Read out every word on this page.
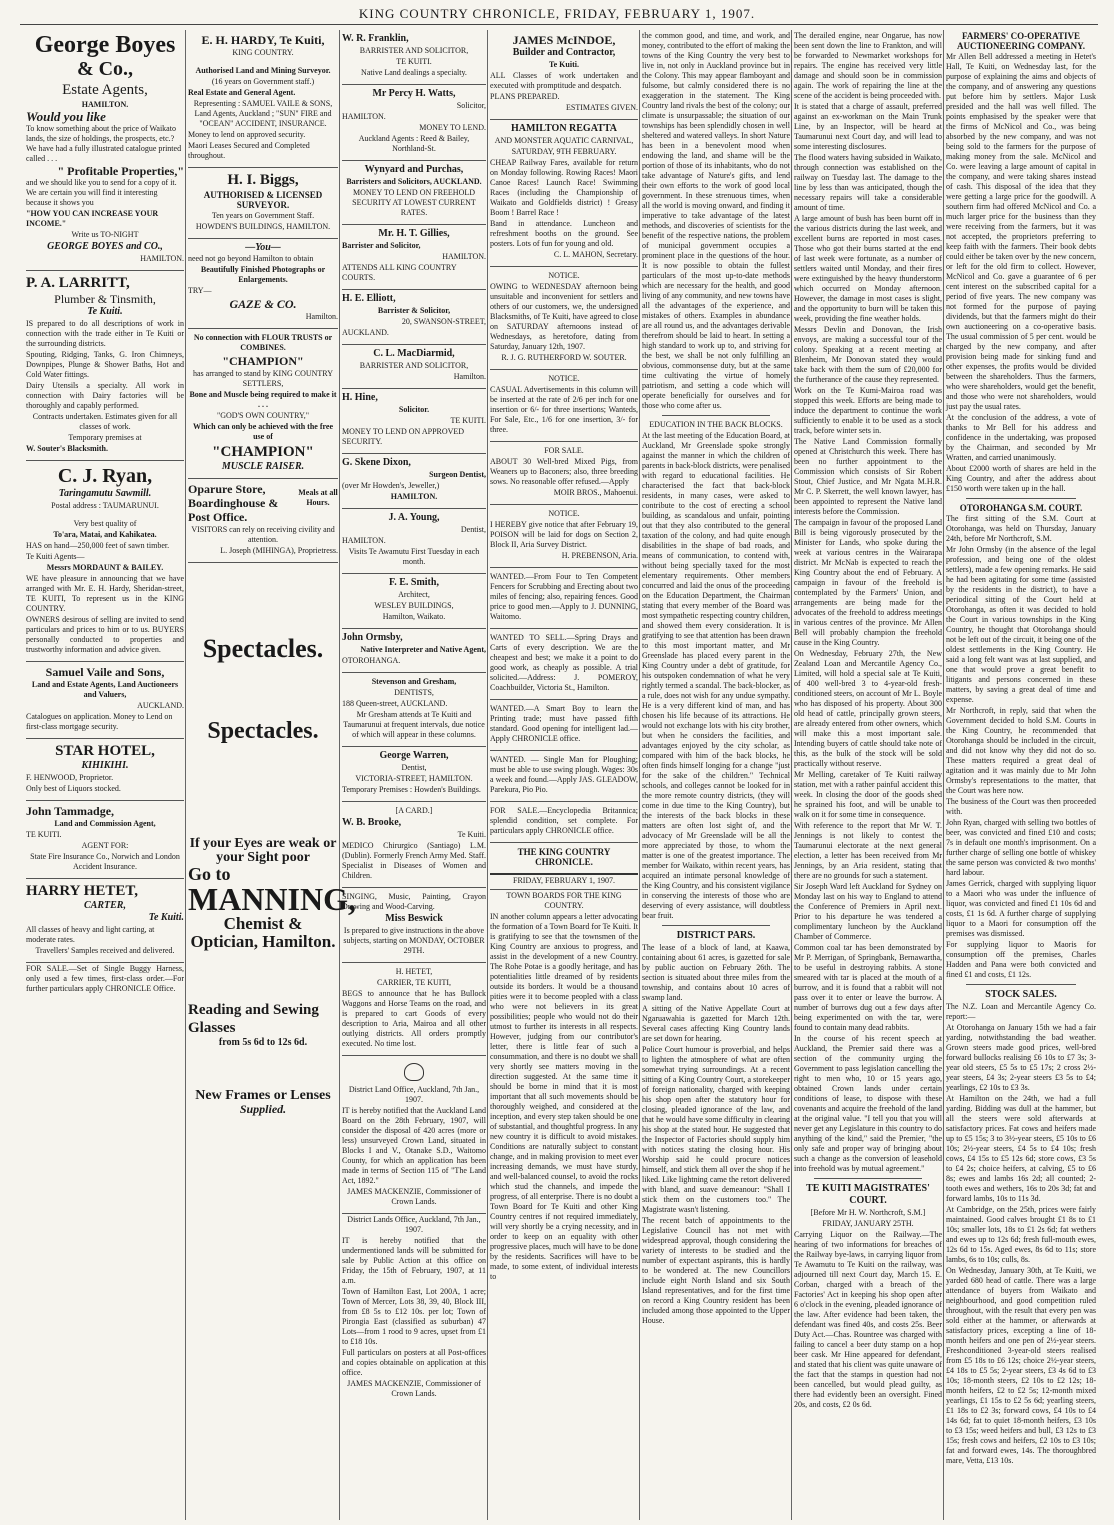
KING COUNTRY CHRONICLE, FRIDAY, FEBRUARY 1, 1907.
George Boyes
& Co.,
Estate Agents,
HAMILTON.
Would you like
To know something about the price of Waikato lands, the size of holdings, the prospects, etc.? We have had a fully illustrated catalogue printed called . . .
" Profitable Properties,"
and we should like you to send for a copy of it. We are certain you will find it interesting because it shows you
"HOW YOU CAN INCREASE YOUR INCOME."
Write us TO-NIGHT
GEORGE BOYES and CO.,
HAMILTON.
P. A. LARRITT,
Plumber & Tinsmith,
Te Kuiti.
IS prepared to do all descriptions of work in connection with the trade either in Te Kuiti or the surrounding districts.
Spouting, Ridging, Tanks, G. Iron Chimneys, Downpipes, Plunge & Shower Baths, Hot and Cold Water fittings.
Dairy Utensils a specialty. All work in connection with Dairy factories will be thoroughly and capably performed.
Contracts undertaken. Estimates given for all classes of work.
Temporary premises at
W. Souter's Blacksmith.
C. J. Ryan,
Taringamutu Sawmill.
Postal address : TAUMARUNUI.
Very best quality of
To'ara, Matai, and Kahikatea.
HAS on hand—250,000 feet of sawn timber.
Te Kuiti Agents—
Messrs MORDAUNT & BAILEY.
WE have pleasure in announcing that we have arranged with Mr. E. H. Hardy, Sheridan-street, TE KUITI, To represent us in the KING COUNTRY.
OWNERS desirous of selling are invited to send particulars and prices to him or to us. BUYERS personally conducted to properties and trustworthy information and advice given.
Samuel Vaile and Sons,
Land and Estate Agents, Land Auctioneers and Valuers,
AUCKLAND.
Catalogues on application. Money to Lend on first-class mortgage security.
STAR HOTEL,
KIHIKIHI.
F. HENWOOD, Proprietor.
Only best of Liquors stocked.
John Tammadge,
Land and Commission Agent,
TE KUITI.
AGENT FOR:
State Fire Insurance Co., Norwich and London Accident Insurance.
HARRY HETET,
CARTER,
Te Kuiti.
All classes of heavy and light carting, at moderate rates.
Travellers' Samples received and delivered.
FOR SALE.—Set of Single Buggy Harness, only used a few times, first-class order.—For further particulars apply CHRONICLE Office.
E. H. HARDY, Te Kuiti,
KING COUNTRY.
Authorised Land and Mining Surveyor.
(16 years on Government staff.)
Real Estate and General Agent.
Representing : SAMUEL VAILE & SONS, Land Agents, Auckland ; "SUN" FIRE and "OCEAN" ACCIDENT, INSURANCE.
Money to lend on approved security.
Maori Leases Secured and Completed throughout.
H. I. Biggs,
AUTHORISED & LICENSED SURVEYOR.
Ten years on Government Staff.
HOWDEN'S BUILDINGS, HAMILTON.
—You—
need not go beyond Hamilton to obtain
Beautifully Finished Photographs or Enlargements.
TRY—
GAZE & CO.
Hamilton.
No connection with FLOUR TRUSTS or COMBINES.
"CHAMPION"
has arranged to stand by KING COUNTRY SETTLERS,
Bone and Muscle being required to make it . . .
"GOD'S OWN COUNTRY,"
Which can only be achieved with the free use of
"CHAMPION"
MUSCLE RAISER.
Oparure Store, Boardinghouse & Post Office.
Meals at all Hours.
VISITORS can rely on receiving civility and attention.
L. Joseph (MIHINGA), Proprietress.
Spectacles.
Spectacles.
If your Eyes are weak or your Sight poor
Go to
MANNING,
Chemist & Optician, Hamilton.
Reading and Sewing Glasses
from 5s 6d to 12s 6d.
New Frames or Lenses
Supplied.
W. R. Franklin,
BARRISTER AND SOLICITOR,
TE KUITI.
Native Land dealings a specialty.
Mr Percy H. Watts,
Solicitor,
HAMILTON.
MONEY TO LEND.
Auckland Agents : Reed & Bailey, Northland-St.
Wynyard and Purchas,
Barristers and Solicitors, AUCKLAND.
MONEY TO LEND ON FREEHOLD SECURITY AT LOWEST CURRENT RATES.
Mr. H. T. Gillies,
Barrister and Solicitor,
HAMILTON.
ATTENDS ALL KING COUNTRY COURTS.
H. E. Elliott,
Barrister & Solicitor,
20, SWANSON-STREET,
AUCKLAND.
C. L. MacDiarmid,
BARRISTER AND SOLICITOR,
Hamilton.
H. Hine,
Solicitor.
TE KUITI.
MONEY TO LEND ON APPROVED SECURITY.
G. Skene Dixon,
Surgeon Dentist,
(over Mr Howden's, Jeweller,)
HAMILTON.
J. A. Young,
Dentist,
HAMILTON.
Visits Te Awamutu First Tuesday in each month.
F. E. Smith,
Architect,
WESLEY BUILDINGS,
Hamilton, Waikato.
John Ormsby,
Native Interpreter and Native Agent,
OTOROHANGA.
Stevenson and Gresham,
DENTISTS,
188 Queen-street, AUCKLAND.
Mr Gresham attends at Te Kuiti and Taumarunui at frequent intervals, due notice of which will appear in these columns.
George Warren,
Dentist,
VICTORIA-STREET, HAMILTON.
Temporary Premises : Howden's Buildings.
[A CARD.]
W. B. Brooke,
Te Kuiti.
MEDICO Chirurgico (Santiago) L.M. (Dublin). Formerly French Army Med. Staff. Specialist in Diseases of Women and Children.
SINGING, Music, Painting, Crayon Drawing and Wood-Carving.
Miss Beswick
Is prepared to give instructions in the above subjects, starting on MONDAY, OCTOBER 29TH.
H. HETET,
CARRIER, TE KUITI,
BEGS to announce that he has Bullock Waggons and Horse Teams on the road, and is prepared to cart Goods of every description to Aria, Mairoa and all other outlying districts. All orders promptly executed. No time lost.
District Land Office, Auckland, 7th Jan., 1907.
IT is hereby notified that the Auckland Land Board on the 28th February, 1907, will consider the disposal of 420 acres (more or less) unsurveyed Crown Land, situated in Blocks I and V., Otanake S.D., Waitomo County, for which an application has been made in terms of Section 115 of "The Land Act, 1892."
JAMES MACKENZIE, Commissioner of Crown Lands.
District Lands Office, Auckland, 7th Jan., 1907.
IT is hereby notified that the undermentioned lands will be submitted for sale by Public Action at this office on Friday, the 15th of February, 1907, at 11 a.m.
Town of Hamilton East, Lot 200A, 1 acre; Town of Mercer, Lots 38, 39, 40, Block III, from £8 5s to £12 10s. per lot; Town of Pirongia East (classified as suburban) 47 Lots—from 1 rood to 9 acres, upset from £1 to £18 10s.
Full particulars on posters at all Post-offices and copies obtainable on application at this office.
JAMES MACKENZIE, Commissioner of Crown Lands.
JAMES McINDOE,
Builder and Contractor,
Te Kuiti.
ALL Classes of work undertaken and executed with promptitude and despatch.
PLANS PREPARED.
ESTIMATES GIVEN.
HAMILTON REGATTA
AND MONSTER AQUATIC CARNIVAL,
SATURDAY, 9TH FEBRUARY.
CHEAP Railway Fares, available for return on Monday following. Rowing Races! Maori Canoe Races! Launch Race! Swimming Races (including the Championship of Waikato and Goldfields district) ! Greasy Boom ! Barrel Race !
Band in attendance. Luncheon and refreshment booths on the ground. See posters. Lots of fun for young and old.
C. L. MAHON, Secretary.
NOTICE.
OWING to WEDNESDAY afternoon being unsuitable and inconvenient for settlers and others of our customers, we, the undersigned Blacksmiths, of Te Kuiti, have agreed to close on SATURDAY afternoons instead of Wednesdays, as heretofore, dating from Saturday, January 12th, 1907.
R. J. G. RUTHERFORD W. SOUTER.
NOTICE.
CASUAL Advertisements in this column will be inserted at the rate of 2/6 per inch for one insertion or 6/- for three insertions; Wanteds, For Sale, Etc., 1/6 for one insertion, 3/- for three.
FOR SALE.
ABOUT 30 Well-bred Mixed Pigs, from Weaners up to Baconers; also, three breeding sows. No reasonable offer refused.—Apply
MOIR BROS., Mahoenui.
NOTICE.
I HEREBY give notice that after February 19, POISON will be laid for dogs on Section 2, Block II, Aria Survey District.
H. PREBENSON, Aria.
WANTED.—From Four to Ten Competent Fencers for Scrubbing and Erecting about two miles of fencing; also, repairing fences. Good price to good men.—Apply to J. DUNNING, Waitomo.
WANTED TO SELL.—Spring Drays and Carts of every description. We are the cheapest and best; we make it a point to do good work, as cheaply as possible. A trial solicited.—Address: J. POMEROY, Coachbuilder, Victoria St., Hamilton.
WANTED.—A Smart Boy to learn the Printing trade; must have passed fifth standard. Good opening for intelligent lad.—Apply CHRONICLE office.
WANTED. — Single Man for Ploughing; must be able to use swing plough. Wages: 30s a week and found.—Apply JAS. GLEADOW, Parekura, Pio Pio.
FOR SALE.—Encyclopedia Britannica; splendid condition, set complete. For particulars apply CHRONICLE office.
THE KING COUNTRY CHRONICLE.
FRIDAY, FEBRUARY 1, 1907.
TOWN BOARDS FOR THE KING COUNTRY.
IN another column appears a letter advocating the formation of a Town Board for Te Kuiti. It is gratifying to see that the townsmen of the King Country are anxious to progress, and assist in the development of a new Country. The Rohe Potae is a goodly heritage, and has potentialities little dreamed of by residents outside its borders. It would be a thousand pities were it to become peopled with a class who were not believers in its great possibilities; people who would not do their utmost to further its interests in all respects. However, judging from our contributor's letter, there is little fear of such a consummation, and there is no doubt we shall very shortly see matters moving in the direction suggested. At the same time it should be borne in mind that it is most important that all such movements should be thoroughly weighed, and considered at the inception, and every step taken should be one of substantial, and thoughtful progress. In any new country it is difficult to avoid mistakes. Conditions are naturally subject to constant change, and in making provision to meet ever increasing demands, we must have sturdy, and well-balanced counsel, to avoid the rocks which stud the channels, and impede the progress, of all enterprise. There is no doubt a Town Board for Te Kuiti and other King Country centres if not required immediately, will very shortly be a crying necessity, and in order to keep on an equality with other progressive places, much will have to be done by the residents. Sacrifices will have to be made, to some extent, of individual interests to
the common good, and time, and work, and money, contributed to the effort of making the towns of the King Country the very best to live in, not only in Auckland province but in the Colony. This may appear flamboyant and fulsome, but calmly considered there is no exaggeration in the statement. The King Country land rivals the best of the colony; our climate is unsurpassable; the situation of our townships has been splendidly chosen in well sheltered and watered valleys. In short Nature has been in a benevolent mood when endowing the land, and shame will be the portion of those of its inhabitants, who do not take advantage of Nature's gifts, and lend their own efforts to the work of good local government. In these strenuous times, when all the world is moving onward, and finding it imperative to take advantage of the latest methods, and discoveries of scientists for the benefit of the respective nations, the problem of municipal government occupies a prominent place in the questions of the hour. It is now possible to obtain the fullest particulars of the most up-to-date methods which are necessary for the health, and good living of any community, and new towns have all the advantages of the experience, and mistakes of others. Examples in abundance are all round us, and the advantages derivable therefrom should be laid to heart. In setting a high standard to work up to, and striving for the best, we shall be not only fulfilling an obvious, commonsense duty, but at the same time cultivating the virtue of homely patriotism, and setting a code which will operate beneficially for ourselves and for those who come after us.
EDUCATION IN THE BACK BLOCKS.
At the last meeting of the Education Board, at Auckland, Mr Greenslade spoke strongly against the manner in which the children of parents in back-block districts, were penalised with regard to educational facilities. He characterised the fact that back-block residents, in many cases, were asked to contribute to the cost of erecting a school building, as scandalous and unfair, pointing out that they also contributed to the general taxation of the colony, and had quite enough disabilities in the shape of bad roads, and means of communication, to contend with, without being specially taxed for the most elementary requirements. Other members concurred and laid the onus of the proceeding on the Education Department, the Chairman stating that every member of the Board was most sympathetic respecting country children, and showed them every consideration. It is gratifying to see that attention has been drawn to this most important matter, and Mr Greenslade has placed every parent in the King Country under a debt of gratitude, for his outspoken condemnation of what he very rightly termed a scandal. The back-blocker, as a rule, does not wish for any undue sympathy. He is a very different kind of man, and has chosen his life because of its attractions. He would not exchange lots with his city brother, but when he considers the facilities, and advantages enjoyed by the city scholar, as compared with him of the back blocks, he often finds himself longing for a change "just for the sake of the children." Technical schools, and colleges cannot be looked for in the more remote country districts, (they will come in due time to the King Country), but the interests of the back blocks in these matters are often lost sight of, and the advocacy of Mr Greenslade will be all the more appreciated by those, to whom the matter is one of the greatest importance. The member for Waikato, within recent years, has acquired an intimate personal knowledge of the King Country, and his consistent vigilance in conserving the interests of those who are deserving of every assistance, will doubtless bear fruit.
DISTRICT PARS.
The lease of a block of land, at Kaawa, containing about 61 acres, is gazetted for sale by public auction on February 26th. The section is situated about three miles from the township, and contains about 10 acres of swamp land.
A sitting of the Native Appellate Court at Ngaruawahia is gazetted for March 12th. Several cases affecting King Country lands are set down for hearing.
Police Court humour is proverbial, and helps to lighten the atmosphere of what are often somewhat trying surroundings. At a recent sitting of a King Country Court, a storekeeper of foreign nationality, charged with keeping his shop open after the statutory hour for closing, pleaded ignorance of the law, and that he would have some difficulty in clearing his shop at the stated hour. He suggested that the Inspector of Factories should supply him with notices stating the closing hour. His Worship said he could procure notices himself, and stick them all over the shop if he liked. Like lightning came the retort delivered with bland, and suave demeanour: "Shall I stick them on the customers too." The Magistrate wasn't listening.
The recent batch of appointments to the Legislative Council has not met with widespread approval, though considering the variety of interests to be studied and the number of expectant aspirants, this is hardly to be wondered at. The new Councillors include eight North Island and six South Island representatives, and for the first time on record a King Country resident has been included among those appointed to the Upper House.
The derailed engine, near Ongarue, has now been sent down the line to Frankton, and will be forwarded to Newmarket workshops for repairs. The engine has received very little damage and should soon be in commission again. The work of repairing the line at the scene of the accident is being proceeded with.
It is stated that a charge of assault, preferred against an ex-workman on the Main Trunk Line, by an Inspector, will be heard at Taumarunui next Court day, and will lead to some interesting disclosures.
The flood waters having subsided in Waikato, through connection was established on the railway on Tuesday last. The damage to the line by less than was anticipated, though the necessary repairs will take a considerable amount of time.
A large amount of bush has been burnt off in the various districts during the last week, and excellent burns are reported in most cases. Those who got their burns started at the end of last week were fortunate, as a number of settlers waited until Monday, and their fires were extinguished by the heavy thunderstorm which occurred on Monday afternoon. However, the damage in most cases is slight, and the opportunity to burn will be taken this week, providing the fine weather holds.
Messrs Devlin and Donovan, the Irish envoys, are making a successful tour of the colony. Speaking at a recent meeting at Blenheim, Mr Donovan stated they would take back with them the sum of £20,000 for the furtherance of the cause they represented.
Work on the Te Kumi-Mairoa road was stopped this week. Efforts are being made to induce the department to continue the work sufficiently to enable it to be used as a stock track, before winter sets in.
The Native Land Commission formally opened at Christchurch this week. There has been no further appointment to the Commission which consists of Sir Robert Stout, Chief Justice, and Mr Ngata M.H.R. Mr C. P. Skerrett, the well known lawyer, has been appointed to represent the Native land interests before the Commission.
The campaign in favour of the proposed Land Bill is being vigorously prosecuted by the Minister for Lands, who spoke during the week at various centres in the Wairarapa district. Mr McNab is expected to reach the King Country about the end of February. A campaign in favour of the freehold is contemplated by the Farmers' Union, and arrangements are being made for the advocates of the freehold to address meetings in various centres of the province. Mr Allen Bell will probably champion the freehold cause in the King Country.
On Wednesday, February 27th, the New Zealand Loan and Mercantile Agency Co., Limited, will hold a special sale at Te Kuiti, of 400 well-bred 3 to 4-year-old fresh-conditioned steers, on account of Mr L. Boyle who has disposed of his property. About 300 old head of cattle, principally grown steers, are already entered from other owners, which will make this a most important sale. Intending buyers of cattle should take note of this, as the bulk of the stock will be sold practically without reserve.
Mr Melling, caretaker of Te Kuiti railway station, met with a rather painful accident this week. In closing the door of the goods shed he sprained his foot, and will be unable to walk on it for some time in consequence.
With reference to the report that Mr W. T. Jennings is not likely to contest the Taumarunui electorate at the next general election, a letter has been received from Mr Jennings, by an Aria resident, stating that there are no grounds for such a statement.
Sir Joseph Ward left Auckland for Sydney on Monday last on his way to England to attend the Conference of Premiers in April next. Prior to his departure he was tendered a complimentary luncheon by the Auckland Chamber of Commerce.
Common coal tar has been demonstrated by Mr P. Merrigan, of Springbank, Bernawartha, to be useful in destroying rabbits. A stone smeared with tar is placed at the mouth of a burrow, and it is found that a rabbit will not pass over it to enter or leave the burrow. A number of burrows dug out a few days after being experimented on with the tar, were found to contain many dead rabbits.
In the course of his recent speech at Auckland, the Premier said there was a section of the community urging the Government to pass legislation cancelling the right to men who, 10 or 15 years ago, obtained Crown lands under certain conditions of lease, to dispose with these covenants and acquire the freehold of the land at the original value. "I tell you that you will never get any Legislature in this country to do anything of the kind," said the Premier, "the only safe and proper way of bringing about such a change as the conversion of leasehold into freehold was by mutual agreement."
TE KUITI MAGISTRATES' COURT.
[Before Mr H. W. Northcroft, S.M.]
FRIDAY, JANUARY 25TH.
Carrying Liquor on the Railway.—The hearing of two informations for breaches of the Railway bye-laws, in carrying liquor from Te Awamutu to Te Kuiti on the railway, was adjourned till next Court day, March 15. E. Corban, charged with a breach of the Factories' Act in keeping his shop open after 6 o'clock in the evening, pleaded ignorance of the law. After evidence had been taken, the defendant was fined 40s, and costs 25s. Beer Duty Act.—Chas. Rountree was charged with failing to cancel a beer duty stamp on a hop beer cask. Mr Hine appeared for defendant, and stated that his client was quite unaware of the fact that the stamps in question had not been cancelled, but would plead guilty, as there had evidently been an oversight. Fined 20s, and costs, £2 0s 6d.
FARMERS' CO-OPERATIVE AUCTIONEERING COMPANY.
Mr Allen Bell addressed a meeting in Hetet's Hall, Te Kuiti, on Wednesday last, for the purpose of explaining the aims and objects of the company, and of answering any questions put before him by settlers. Major Lusk presided and the hall was well filled. The points emphasised by the speaker were that the firms of McNicol and Co., was being absorbed by the new company, and was not being sold to the farmers for the purpose of making money from the sale. McNicol and Co. were leaving a large amount of capital in the company, and were taking shares instead of cash. This disposal of the idea that they were getting a large price for the goodwill. A southern firm had offered McNicol and Co. a much larger price for the business than they were receiving from the farmers, but it was not accepted, the proprietors preferring to keep faith with the farmers. Their book debts could either be taken over by the new concern, or left for the old firm to collect. However, McNicol and Co. gave a guarantee of 6 per cent interest on the subscribed capital for a period of five years. The new company was not formed for the purpose of paying dividends, but that the farmers might do their own auctioneering on a co-operative basis. The usual commission of 5 per cent. would be charged by the new company, and after provision being made for sinking fund and other expenses, the profits would be divided between the shareholders. Thus the farmers, who were shareholders, would get the benefit, and those who were not shareholders, would just pay the usual rates.
At the conclusion of the address, a vote of thanks to Mr Bell for his address and confidence in the undertaking, was proposed by the Chairman, and seconded by Mr Wratten, and carried unanimously.
About £2000 worth of shares are held in the King Country, and after the address about £150 worth were taken up in the hall.
OTOROHANGA S.M. COURT.
The first sitting of the S.M. Court at Otorohanga, was held on Thursday, January 24th, before Mr Northcroft, S.M.
Mr John Ormsby (in the absence of the legal profession, and being one of the oldest settlers), made a few opening remarks. He said he had been agitating for some time (assisted by the residents in the district), to have a periodical sitting of the Court held at Otorohanga, as often it was decided to hold the Court in various townships in the King Country, he thought that Otorohanga should not be left out of the circuit, it being one of the oldest settlements in the King Country. He said a long felt want was at last supplied, and one that would prove a great benefit to litigants and persons concerned in these matters, by saving a great deal of time and expense.
Mr Northcroft, in reply, said that when the Government decided to hold S.M. Courts in the King Country, he recommended that Otorohanga should be included in the circuit, and did not know why they did not do so. These matters required a great deal of agitation and it was mainly due to Mr John Ormsby's representations to the matter, that the Court was here now.
The business of the Court was then proceeded with.
John Ryan, charged with selling two bottles of beer, was convicted and fined £10 and costs; 7s in default one month's imprisonment. On a further charge of selling one bottle of whiskey the same person was convicted & two months' hard labour.
James Gerrick, charged with supplying liquor to a Maori who was under the influence of liquor, was convicted and fined £1 10s 6d and costs, £1 1s 6d. A further charge of supplying liquor to a Maori for consumption off the premises was dismissed.
For supplying liquor to Maoris for consumption off the premises, Charles Hadden and Pana were both convicted and fined £1 and costs, £1 12s.
STOCK SALES.
The N.Z. Loan and Mercantile Agency Co. report:—
At Otorohanga on January 15th we had a fair yarding, notwithstanding the bad weather. Grown steers made good prices, well-bred forward bullocks realising £6 10s to £7 3s; 3-year old steers, £5 5s to £5 17s; 2 cross 2½-year steers, £4 3s; 2-year steers £3 5s to £4; yearlings, £2 10s to £3 3s.
At Hamilton on the 24th, we had a full yarding. Bidding was dull at the hammer, but all the steers were sold afterwards at satisfactory prices. Fat cows and heifers made up to £5 15s; 3 to 3½-year steers, £5 10s to £6 10s; 2½-year steers, £4 5s to £4 10s; fresh cows, £4 15s to £5 12s 6d; store cows, £3 5s to £4 2s; choice heifers, at calving, £5 to £6 8s; ewes and lambs 16s 2d; all counted; 2-tooth ewes and wethers, 16s to 20s 3d; fat and forward lambs, 10s to 11s 3d.
At Cambridge, on the 25th, prices were fairly maintained. Good calves brought £1 8s to £1 10s; smaller lots, 18s to £1 2s 6d; fat wethers and ewes up to 12s 6d; fresh full-mouth ewes, 12s 6d to 15s. Aged ewes, 8s 6d to 11s; store lambs, 6s to 10s; culls, 8s.
On Wednesday, January 30th, at Te Kuiti, we yarded 680 head of cattle. There was a large attendance of buyers from Waikato and neighbourhood, and good competition ruled throughout, with the result that every pen was sold either at the hammer, or afterwards at satisfactory prices, excepting a line of 18-month heifers and one pen of 2½-year steers. Freshconditioned 3-year-old steers realised from £5 18s to £6 12s; choice 2½-year steers, £4 18s to £5 5s; 2-year steers, £3 4s 6d to £3 10s; 18-month steers, £2 10s to £2 12s; 18-month heifers, £2 to £2 5s; 12-month mixed yearlings, £1 15s to £2 5s 6d; yearling steers, £1 18s to £2 3s; forward cows, £4 10s to £4 14s 6d; fat to quiet 18-month heifers, £3 10s to £3 15s; weed heifers and bull, £3 12s to £3 15s; fresh cows and heifers, £2 10s to £3 10s; fat and forward ewes, 14s. The thoroughbred mare, Vetta, £13 10s.
